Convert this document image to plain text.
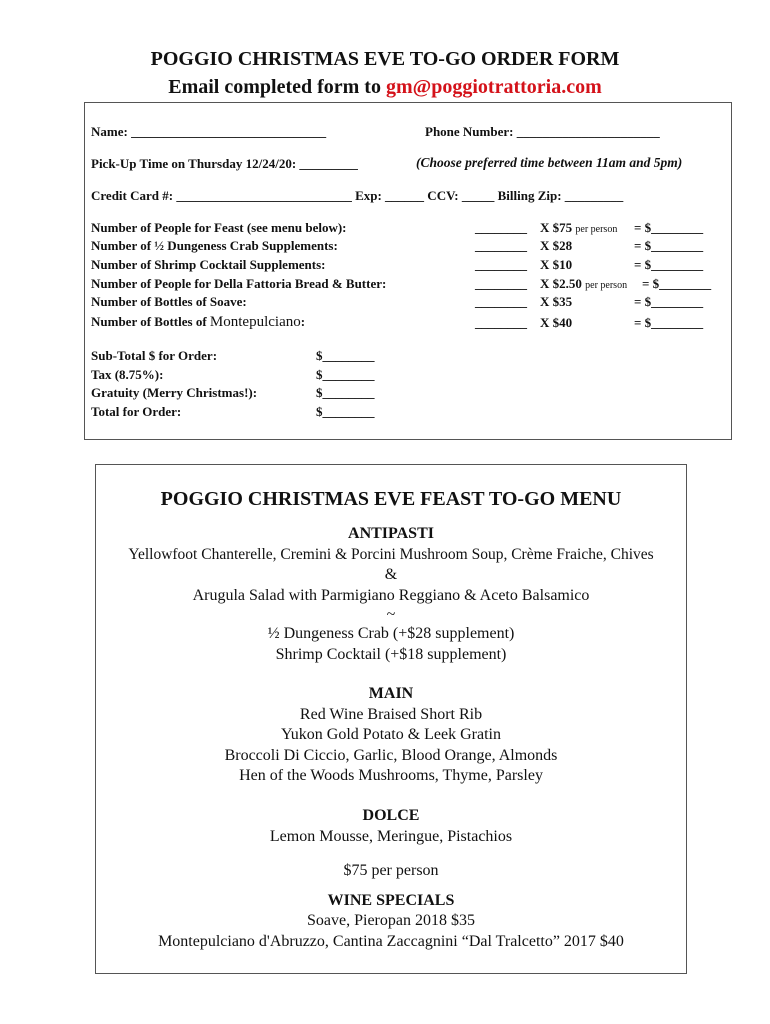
POGGIO CHRISTMAS EVE TO-GO ORDER FORM
Email completed form to gm@poggiotrattoria.com
Name: ______________________________	Phone Number: ______________________
Pick-Up Time on Thursday 12/24/20: _________	(Choose preferred time between 11am and 5pm)
Credit Card #: ___________________________ Exp: ______ CCV: _____ Billing Zip: _________
Number of People for Feast (see menu below):	________ X $75 per person = $________
Number of ½ Dungeness Crab Supplements:	________ X $28	= $________
Number of Shrimp Cocktail Supplements:	________ X $10	= $________
Number of People for Della Fattoria Bread & Butter:	________ X $2.50 per person = $________
Number of Bottles of Soave:	________ X $35	= $________
Number of Bottles of Montepulciano:	________ X $40	= $________
Sub-Total $ for Order:	$________
Tax (8.75%):	$________
Gratuity (Merry Christmas!):	$________
Total for Order:	$________
POGGIO CHRISTMAS EVE FEAST TO-GO MENU
ANTIPASTI
Yellowfoot Chanterelle, Cremini & Porcini Mushroom Soup, Crème Fraiche, Chives
&
Arugula Salad with Parmigiano Reggiano & Aceto Balsamico
~
½ Dungeness Crab (+$28 supplement)
Shrimp Cocktail (+$18 supplement)
MAIN
Red Wine Braised Short Rib
Yukon Gold Potato & Leek Gratin
Broccoli Di Ciccio, Garlic, Blood Orange, Almonds
Hen of the Woods Mushrooms, Thyme, Parsley
DOLCE
Lemon Mousse, Meringue, Pistachios
$75 per person
WINE SPECIALS
Soave, Pieropan 2018 $35
Montepulciano d'Abruzzo, Cantina Zaccagnini “Dal Tralcetto” 2017 $40
